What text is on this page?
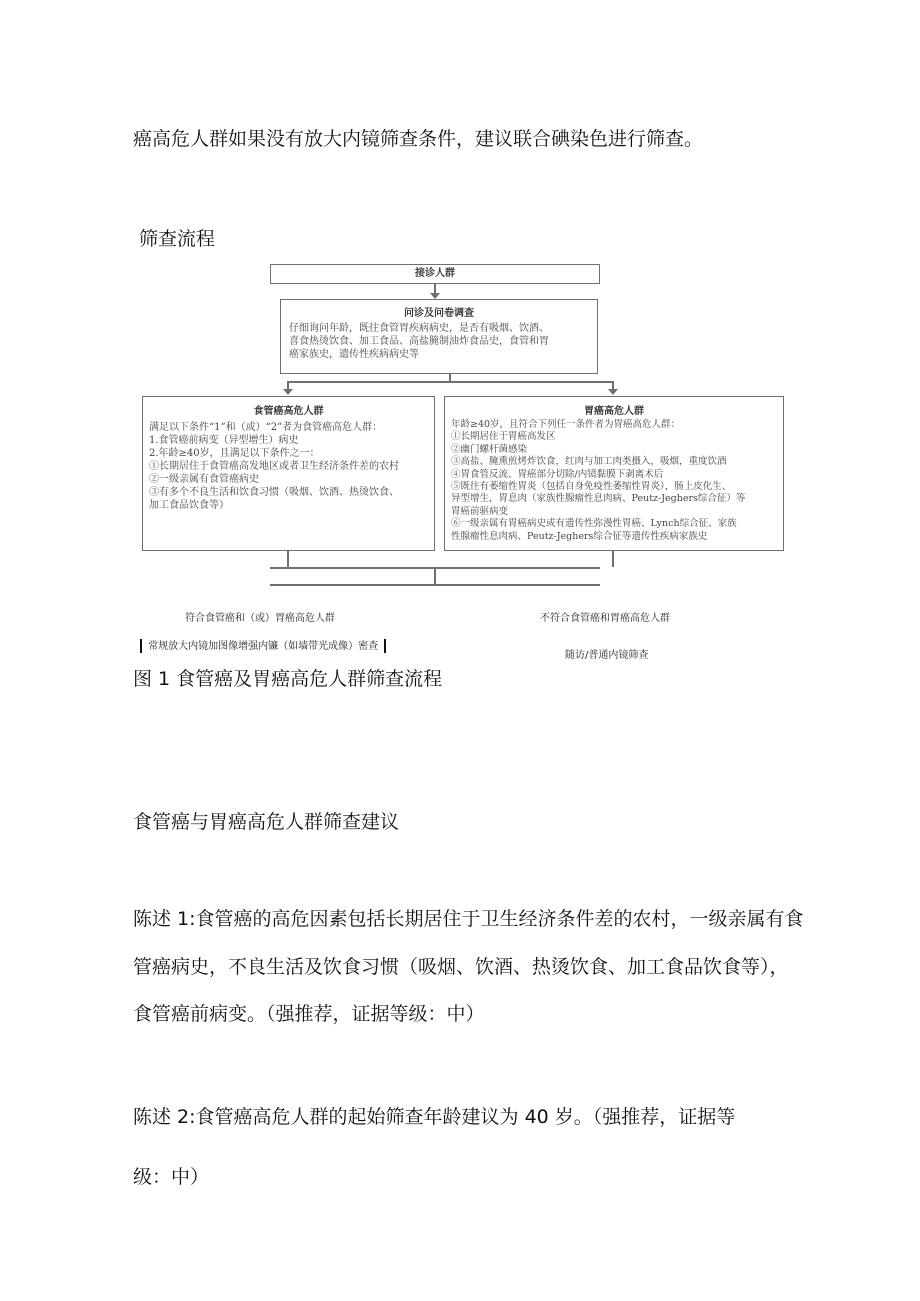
癌高危人群如果没有放大内镜筛查条件，建议联合碘染色进行筛查。

筛查流程

接诊人群
问诊及问卷调查
仔细询问年龄，既往食管胃疾病病史，是否有吸烟、饮酒、
喜食热烫饮食、加工食品、高盐腌制油炸食品史，食管和胃
癌家族史，遗传性疾病病史等
食管癌高危人群
满足以下条件“1”和（或）“2”者为食管癌高危人群：
1.食管癌前病变（异型增生）病史
2.年龄≥40岁，且满足以下条件之一：
①长期居住于食管癌高发地区或者卫生经济条件差的农村
②一级亲属有食管癌病史
③有多个不良生活和饮食习惯（吸烟、饮酒、热烫饮食、
加工食品饮食等）
胃癌高危人群
年龄≥40岁，且符合下列任一条件者为胃癌高危人群：
①长期居住于胃癌高发区
②幽门螺杆菌感染
③高盐、腌熏煎烤炸饮食，红肉与加工肉类摄入，吸烟，重度饮酒
④胃食管反流、胃癌部分切除/内镜黏膜下剥离术后
⑤既往有萎缩性胃炎（包括自身免疫性萎缩性胃炎），肠上皮化生、
异型增生，胃息肉（家族性腺瘤性息肉病、Peutz-Jeghers综合征）等
胃癌前驱病变
⑥一级亲属有胃癌病史或有遗传性弥漫性胃癌、Lynch综合征、家族
性腺瘤性息肉病、Peutz-Jeghers综合征等遗传性疾病家族史
符合食管癌和（或）胃癌高危人群	不符合食管癌和胃癌高危人群
常规放大内镜加图像增强内镰（如墙带光成像）密查
随访/普通内镜筛查

图 1 食管癌及胃癌高危人群筛查流程

食管癌与胃癌高危人群筛查建议

陈述 1:食管癌的高危因素包括长期居住于卫生经济条件差的农村，一级亲属有食

管癌病史，不良生活及饮食习惯（吸烟、饮酒、热烫饮食、加工食品饮食等），

食管癌前病变。（强推荐，证据等级：中）

陈述 2:食管癌高危人群的起始筛查年龄建议为 40 岁。（强推荐，证据等

级：中）
